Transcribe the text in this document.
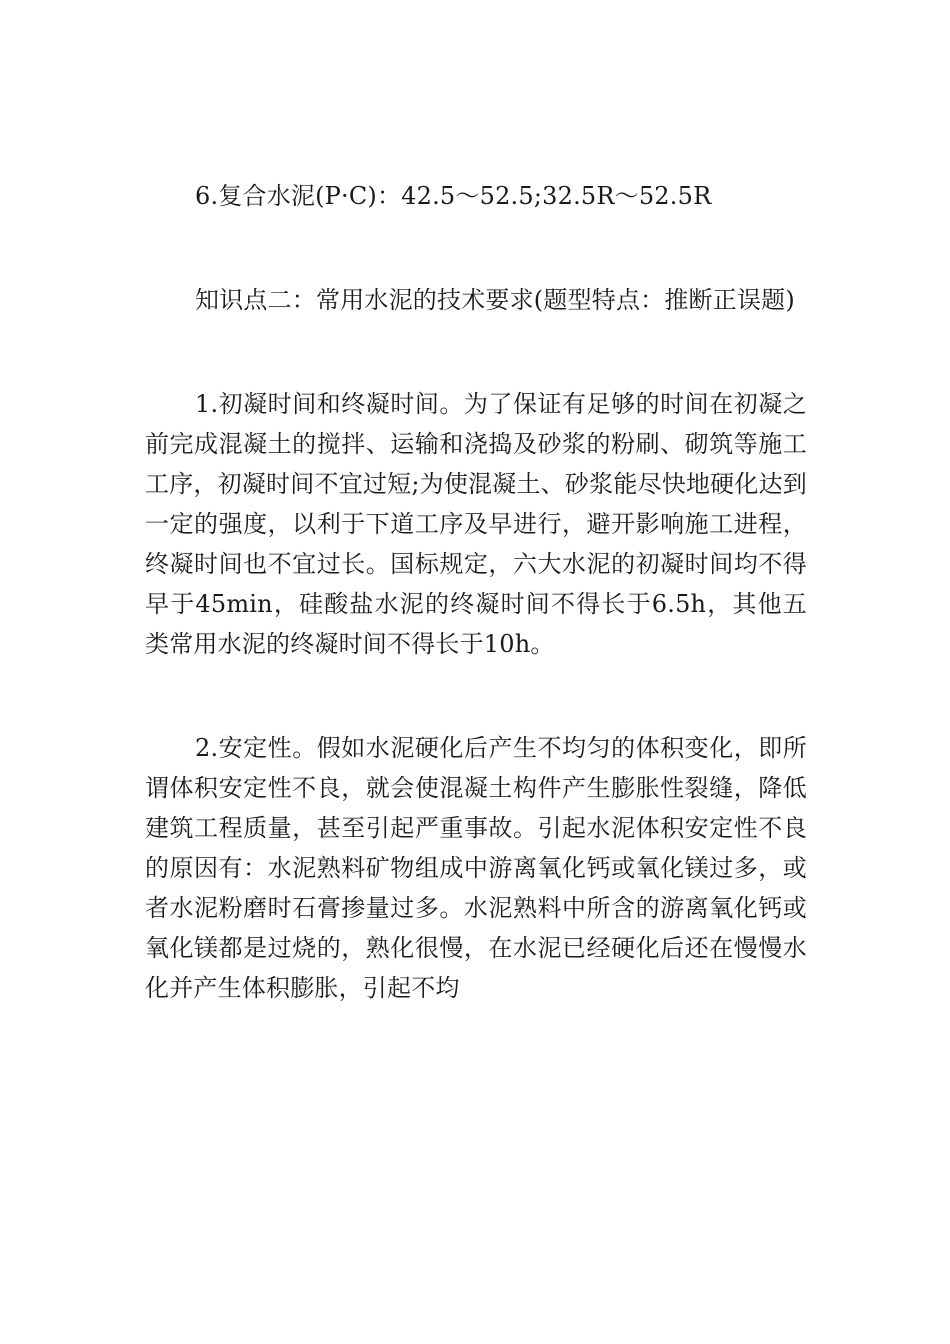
6.复合水泥(P·C)：42.5～52.5;32.5R～52.5R

知识点二：常用水泥的技术要求(题型特点：推断正误题)

1.初凝时间和终凝时间。为了保证有足够的时间在初凝之前完成混凝土的搅拌、运输和浇捣及砂浆的粉刷、砌筑等施工工序，初凝时间不宜过短;为使混凝土、砂浆能尽快地硬化达到一定的强度，以利于下道工序及早进行，避开影响施工进程，终凝时间也不宜过长。国标规定，六大水泥的初凝时间均不得早于45min，硅酸盐水泥的终凝时间不得长于6.5h，其他五类常用水泥的终凝时间不得长于10h。

2.安定性。假如水泥硬化后产生不均匀的体积变化，即所谓体积安定性不良，就会使混凝土构件产生膨胀性裂缝，降低建筑工程质量，甚至引起严重事故。引起水泥体积安定性不良的原因有：水泥熟料矿物组成中游离氧化钙或氧化镁过多，或者水泥粉磨时石膏掺量过多。水泥熟料中所含的游离氧化钙或氧化镁都是过烧的，熟化很慢，在水泥已经硬化后还在慢慢水化并产生体积膨胀，引起不均
